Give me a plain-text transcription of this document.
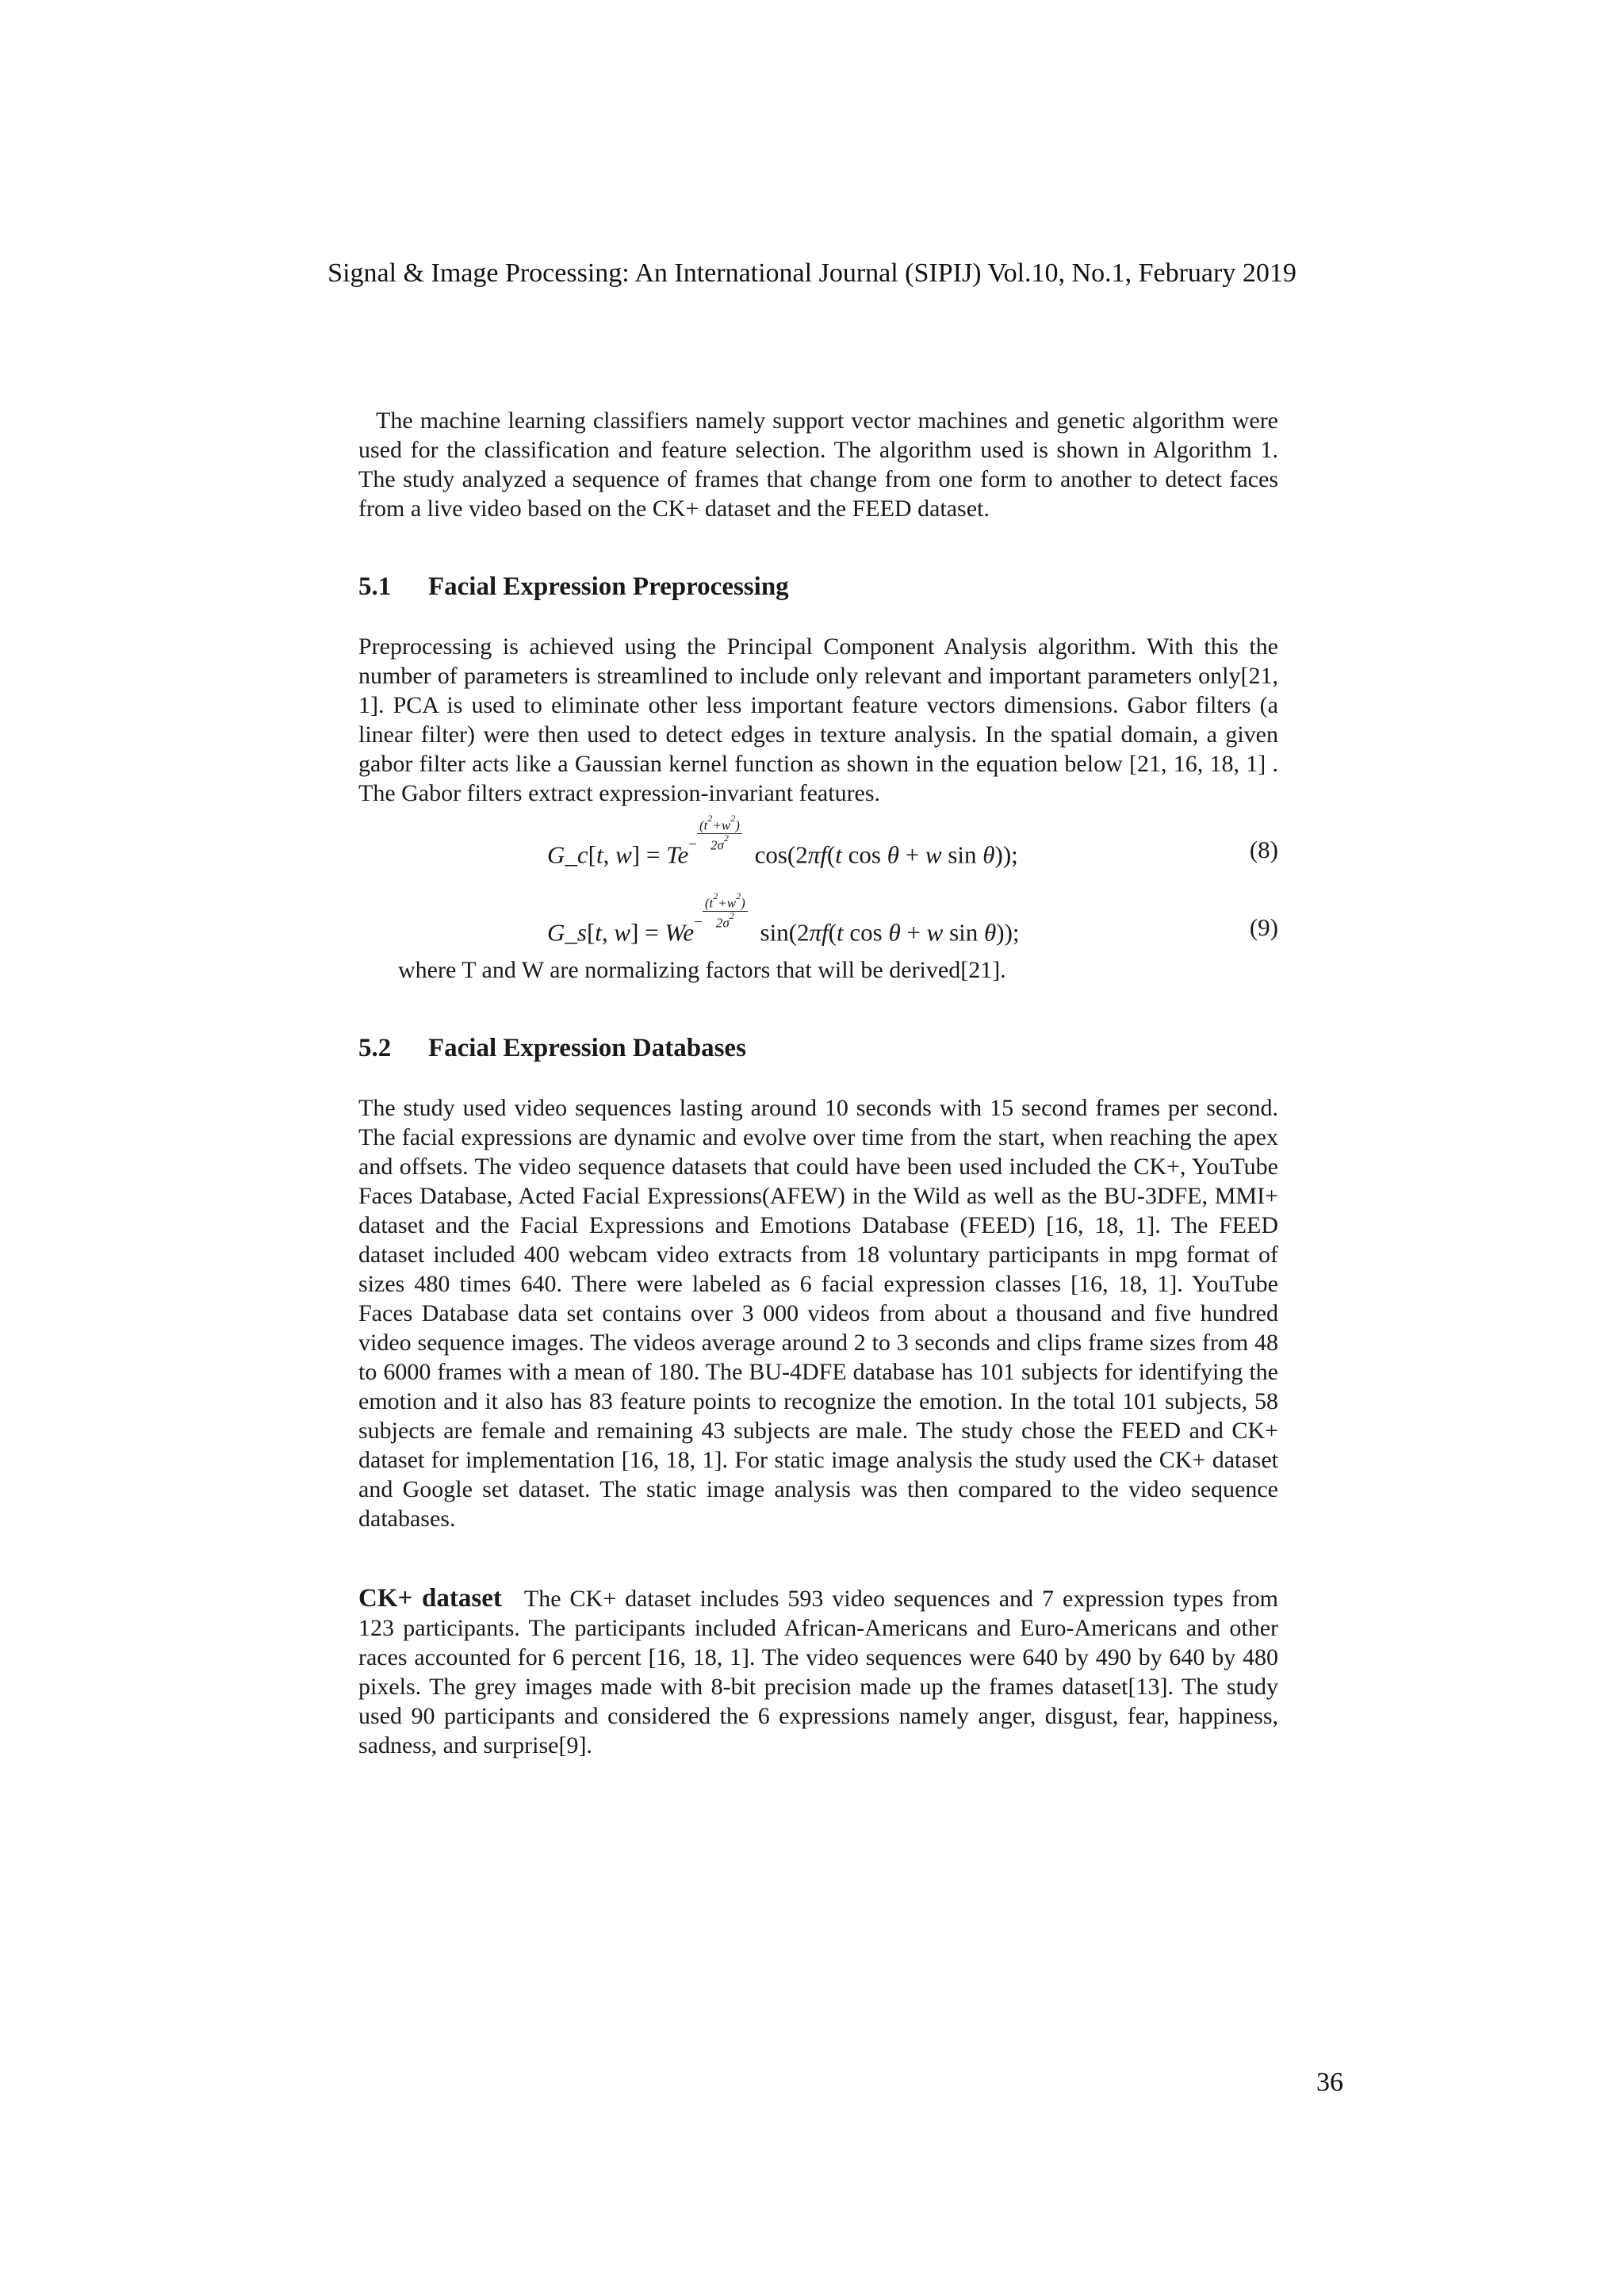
Signal & Image Processing: An International Journal (SIPIJ) Vol.10, No.1, February 2019

The machine learning classifiers namely support vector machines and genetic algorithm were used for the classification and feature selection. The algorithm used is shown in Algorithm 1. The study analyzed a sequence of frames that change from one form to another to detect faces from a live video based on the CK+ dataset and the FEED dataset.

5.1 Facial Expression Preprocessing

Preprocessing is achieved using the Principal Component Analysis algorithm. With this the number of parameters is streamlined to include only relevant and important parameters only[21, 1]. PCA is used to eliminate other less important feature vectors dimensions. Gabor filters (a linear filter) were then used to detect edges in texture analysis. In the spatial domain, a given gabor filter acts like a Gaussian kernel function as shown in the equation below [21, 16, 18, 1] . The Gabor filters extract expression-invariant features.

G_c[t, $w] = Te^- \frac{(t^2+w^2)}{2\sigma^2}$
cos(2πf(t cos θ + w sin θ));	(8)
G_s[t, $w] = We^- \frac{(t^2+w^2)}{2\sigma^2}$
sin(2πf(t cos θ + w sin θ));	(9)

where T and W are normalizing factors that will be derived[21].

5.2 Facial Expression Databases

The study used video sequences lasting around 10 seconds with 15 second frames per second. The facial expressions are dynamic and evolve over time from the start, when reaching the apex and offsets. The video sequence datasets that could have been used included the CK+, YouTube Faces Database, Acted Facial Expressions(AFEW) in the Wild as well as the BU-3DFE, MMI+ dataset and the Facial Expressions and Emotions Database (FEED) [16, 18, 1]. The FEED dataset included 400 webcam video extracts from 18 voluntary participants in mpg format of sizes 480 times 640. There were labeled as 6 facial expression classes [16, 18, 1]. YouTube Faces Database data set contains over 3 000 videos from about a thousand and five hundred video sequence images. The videos average around 2 to 3 seconds and clips frame sizes from 48 to 6000 frames with a mean of 180. The BU-4DFE database has 101 subjects for identifying the emotion and it also has 83 feature points to recognize the emotion. In the total 101 subjects, 58 subjects are female and remaining 43 subjects are male. The study chose the FEED and CK+ dataset for implementation [16, 18, 1]. For static image analysis the study used the CK+ dataset and Google set dataset. The static image analysis was then compared to the video sequence databases.

CK+ dataset The CK+ dataset includes 593 video sequences and 7 expression types from 123 participants. The participants included African-Americans and Euro-Americans and other races accounted for 6 percent [16, 18, 1]. The video sequences were 640 by 490 by 640 by 480 pixels. The grey images made with 8-bit precision made up the frames dataset[13]. The study used 90 participants and considered the 6 expressions namely anger, disgust, fear, happiness, sadness, and surprise[9].

36
